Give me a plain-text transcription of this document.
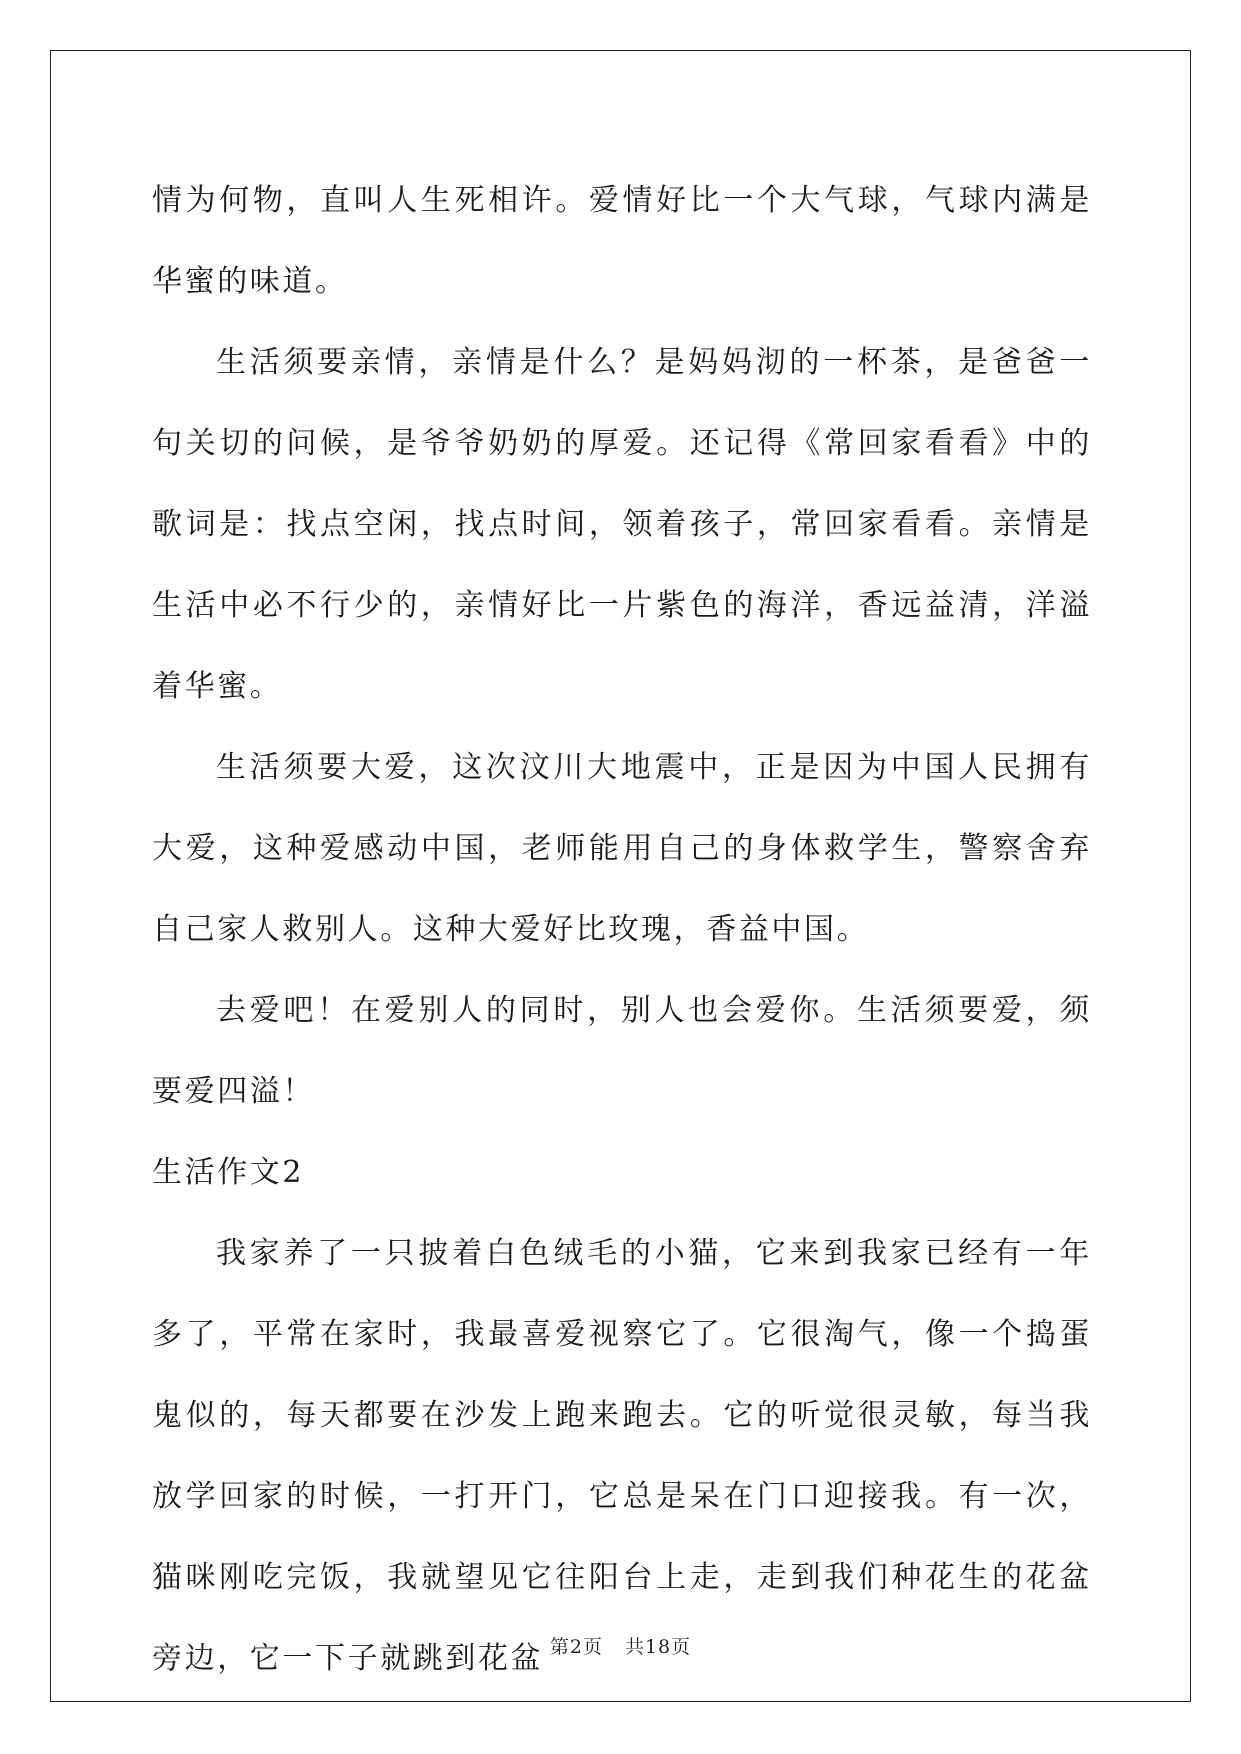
情为何物，直叫人生死相许。爱情好比一个大气球，气球内满是华蜜的味道。

生活须要亲情，亲情是什么？是妈妈沏的一杯茶，是爸爸一句关切的问候，是爷爷奶奶的厚爱。还记得《常回家看看》中的歌词是：找点空闲，找点时间，领着孩子，常回家看看。亲情是生活中必不行少的，亲情好比一片紫色的海洋，香远益清，洋溢着华蜜。

生活须要大爱，这次汶川大地震中，正是因为中国人民拥有大爱，这种爱感动中国，老师能用自己的身体救学生，警察舍弃自己家人救别人。这种大爱好比玫瑰，香益中国。

去爱吧！在爱别人的同时，别人也会爱你。生活须要爱，须要爱四溢！

生活作文2

我家养了一只披着白色绒毛的小猫，它来到我家已经有一年多了，平常在家时，我最喜爱视察它了。它很淘气，像一个捣蛋鬼似的，每天都要在沙发上跑来跑去。它的听觉很灵敏，每当我放学回家的时候，一打开门，它总是呆在门口迎接我。有一次，猫咪刚吃完饭，我就望见它往阳台上走，走到我们种花生的花盆旁边，它一下子就跳到花盆 第2页 共18页
